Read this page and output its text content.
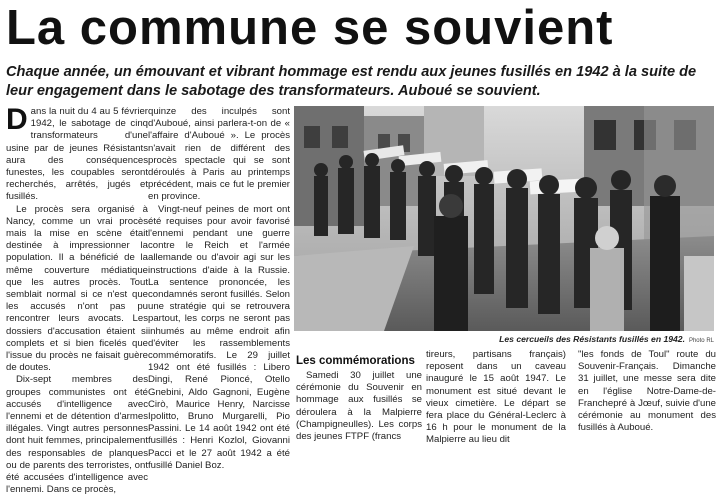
La commune se souvient
Chaque année, un émouvant et vibrant hommage est rendu aux jeunes fusillés en 1942 à la suite de leur engagement dans le sabotage des transformateurs. Auboué se souvient.

Dans la nuit du 4 au 5 février 1942, le sabotage de cinq transformateurs d'une usine par de jeunes Résistants aura des conséquences funestes, les coupables seront recherchés, arrêtés, jugés et fusillés.

Le procès sera organisé à Nancy, comme un vrai procès mais la mise en scène était destinée à impressionner la population. Il a bénéficié de la même couverture médiatique que les autres procès. Tout semblait normal si ce n'est que les accusés n'ont pas pu rencontrer leurs avocats. Les dossiers d'accusation étaient si complets et si bien ficelés que l'issue du procès ne faisait guère de doutes.

Dix-sept membres des groupes communistes ont été accusés d'intelligence avec l'ennemi et de détention d'armes illégales. Vingt autres personnes dont huit femmes, principalement des responsables de planques ou de parents des terroristes, ont été accusées d'intelligence avec l'ennemi. Dans ce procès,

quinze des inculpés sont d'Auboué, ainsi parlera-t-on de « l'affaire d'Auboué ». Le procès n'avait rien de différent des procès spectacle qui se sont déroulés à Paris au printemps précédent, mais ce fut le premier en province.

Vingt-neuf peines de mort ont été requises pour avoir favorisé l'ennemi pendant une guerre contre le Reich et l'armée allemande ou d'avoir agi sur les instructions d'aide à la Russie. La sentence prononcée, les condamnés seront fusillés. Selon une stratégie qui se retrouvera partout, les corps ne seront pas inhumés au même endroit afin d'éviter les rassemblements commémoratifs. Le 29 juillet 1942 ont été fusillés : Libero Dingi, René Pioncé, Otello Gnebini, Aldo Gagnoni, Eugène Cirò, Maurice Henry, Narcisse Ipolitto, Bruno Murgarelli, Pio Passini. Le 14 août 1942 ont été fusillés : Henri Kozlol, Giovanni Pacci et le 27 août 1942 a été fusillé Daniel Boz.

Les cercueils des Résistants fusillés en 1942. Photo RL
Les commémorations

Samedi 30 juillet une cérémonie du Souvenir en hommage aux fusillés se déroulera à la Malpierre (Champigneulles). Les corps des jeunes FTPF (francs

tireurs, partisans français) reposent dans un caveau inauguré le 15 août 1947. Le monument est situé devant le vieux cimetière. Le départ se fera place du Général-Leclerc à 16 h pour le monument de la Malpierre au lieu dit

"les fonds de Toul" route du Souvenir-Français. Dimanche 31 juillet, une messe sera dite en l'église Notre-Dame-de-Franchepré à Jœuf, suivie d'une cérémonie au monument des fusillés à Auboué.
